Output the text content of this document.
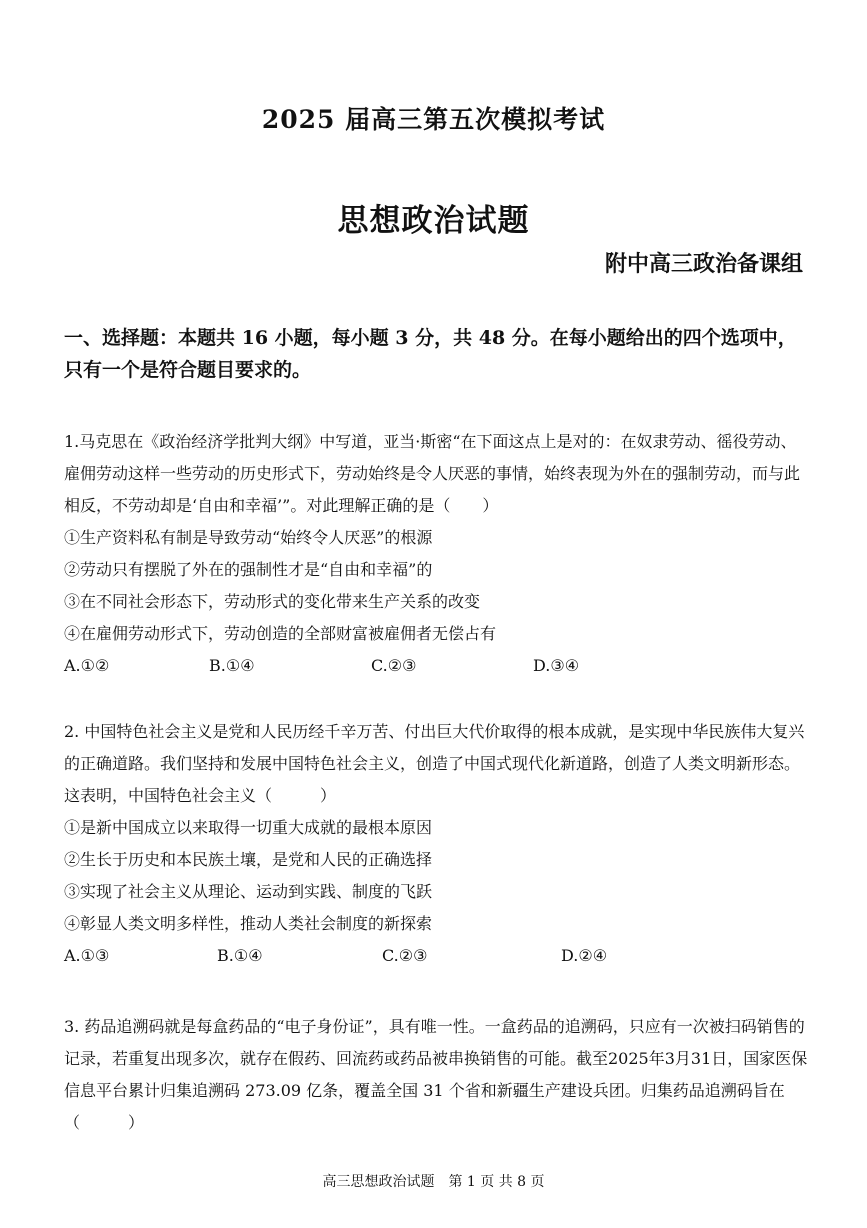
2025 届高三第五次模拟考试
思想政治试题
附中高三政治备课组
一、选择题：本题共 16 小题，每小题 3 分，共 48 分。在每小题给出的四个选项中，只有一个是符合题目要求的。
1.马克思在《政治经济学批判大纲》中写道，亚当·斯密“在下面这点上是对的：在奴隶劳动、徭役劳动、雇佣劳动这样一些劳动的历史形式下，劳动始终是令人厌恶的事情，始终表现为外在的强制劳动，而与此相反，不劳动却是‘自由和幸福’”。对此理解正确的是（　　）
①生产资料私有制是导致劳动“始终令人厌恶”的根源
②劳动只有摆脱了外在的强制性才是“自由和幸福”的
③在不同社会形态下，劳动形式的变化带来生产关系的改变
④在雇佣劳动形式下，劳动创造的全部财富被雇佣者无偿占有
A.①②	B.①④	C.②③	D.③④
2. 中国特色社会主义是党和人民历经千辛万苦、付出巨大代价取得的根本成就，是实现中华民族伟大复兴的正确道路。我们坚持和发展中国特色社会主义，创造了中国式现代化新道路，创造了人类文明新形态。这表明，中国特色社会主义（　　　）
①是新中国成立以来取得一切重大成就的最根本原因
②生长于历史和本民族土壤，是党和人民的正确选择
③实现了社会主义从理论、运动到实践、制度的飞跃
④彰显人类文明多样性，推动人类社会制度的新探索
A.①③	B.①④	C.②③	D.②④
3. 药品追溯码就是每盒药品的“电子身份证”，具有唯一性。一盒药品的追溯码，只应有一次被扫码销售的记录，若重复出现多次，就存在假药、回流药或药品被串换销售的可能。截至2025年3月31日，国家医保信息平台累计归集追溯码 273.09 亿条，覆盖全国 31 个省和新疆生产建设兵团。归集药品追溯码旨在（　　　）
高三思想政治试题　第 1 页 共 8 页
